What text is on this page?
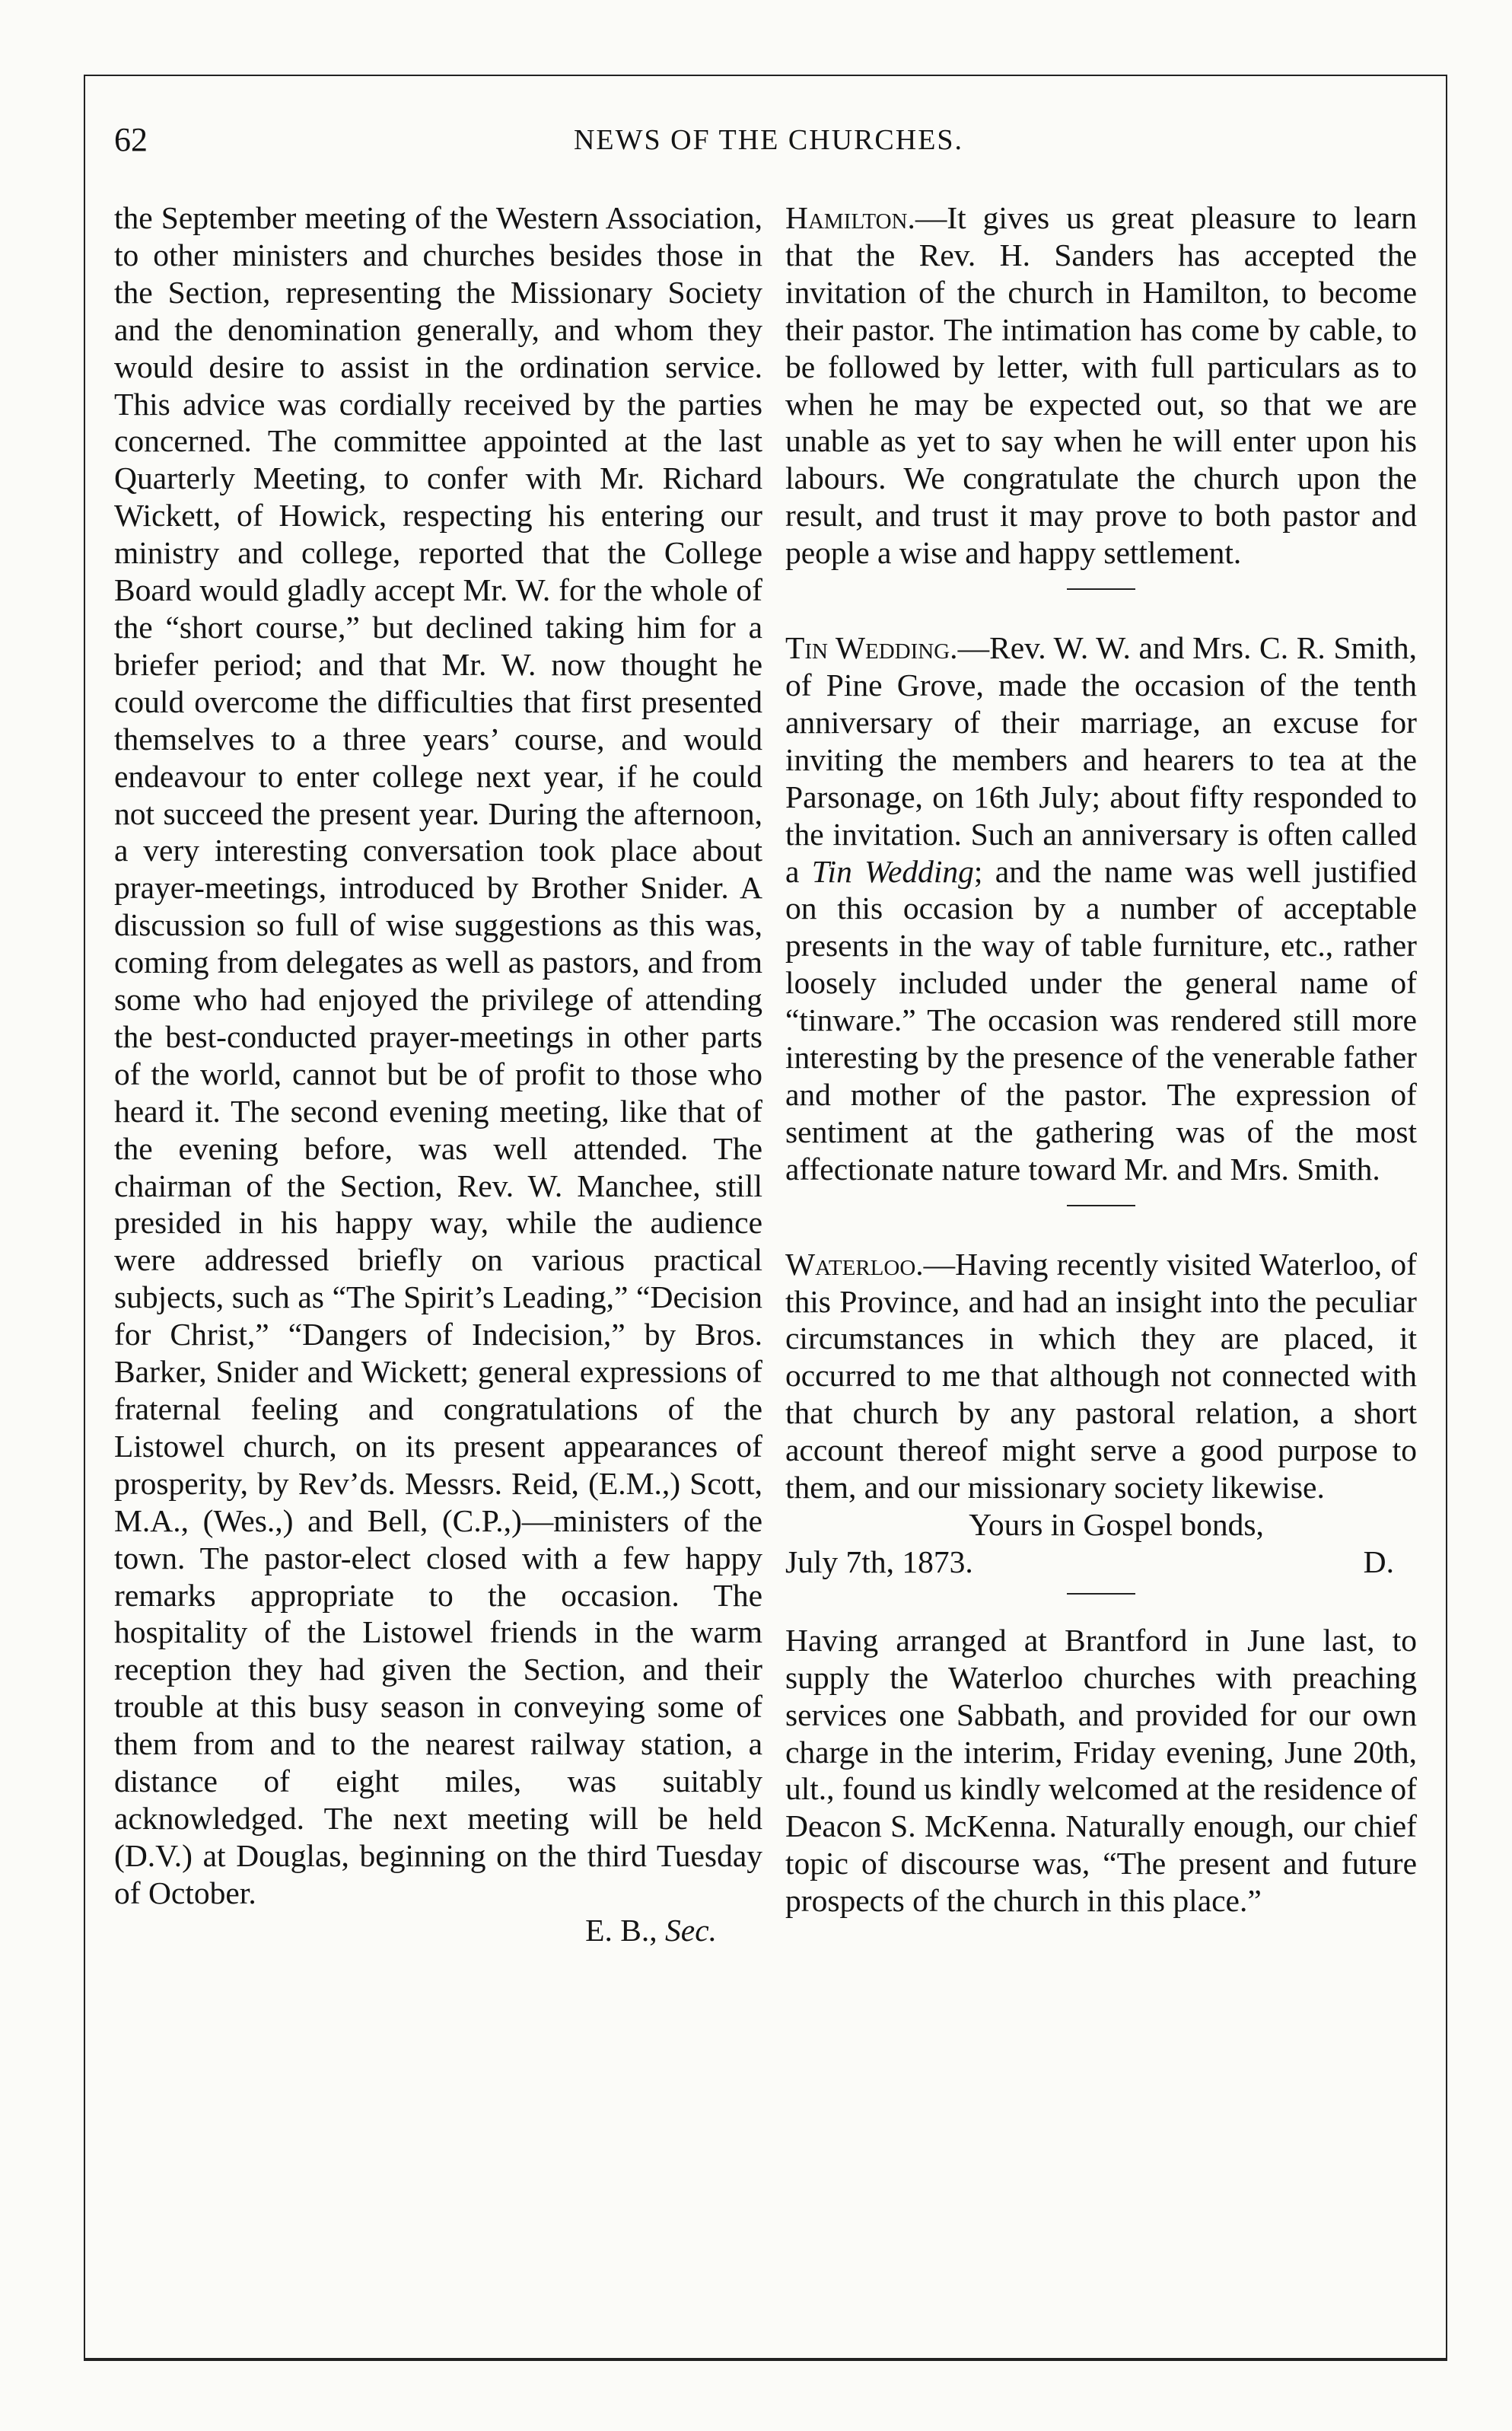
62	NEWS OF THE CHURCHES.

the September meeting of the Western Association, to other ministers and churches besides those in the Section, representing the Missionary Society and the denomination generally, and whom they would desire to assist in the ordination service. This advice was cordially received by the parties concerned. The committee appointed at the last Quarterly Meeting, to confer with Mr. Richard Wickett, of Howick, respecting his entering our ministry and college, reported that the College Board would gladly accept Mr. W. for the whole of the “short course,” but declined taking him for a briefer period; and that Mr. W. now thought he could overcome the difficulties that first presented themselves to a three years’ course, and would endeavour to enter college next year, if he could not succeed the present year. During the afternoon, a very interesting conversation took place about prayer-meetings, introduced by Brother Snider. A discussion so full of wise suggestions as this was, coming from delegates as well as pastors, and from some who had enjoyed the privilege of attending the best-conducted prayer-meetings in other parts of the world, cannot but be of profit to those who heard it. The second evening meeting, like that of the evening before, was well attended. The chairman of the Section, Rev. W. Manchee, still presided in his happy way, while the audience were addressed briefly on various practical subjects, such as “The Spirit’s Leading,” “Decision for Christ,” “Dangers of Indecision,” by Bros. Barker, Snider and Wickett; general expressions of fraternal feeling and congratulations of the Listowel church, on its present appearances of prosperity, by Rev’ds. Messrs. Reid, (E.M.,) Scott, M.A., (Wes.,) and Bell, (C.P.,)—ministers of the town. The pastor-elect closed with a few happy remarks appropriate to the occasion. The hospitality of the Listowel friends in the warm reception they had given the Section, and their trouble at this busy season in conveying some of them from and to the nearest railway station, a distance of eight miles, was suitably acknowledged. The next meeting will be held (D.V.) at Douglas, beginning on the third Tuesday of October.

E. B., Sec.

Hamilton.—It gives us great pleasure to learn that the Rev. H. Sanders has accepted the invitation of the church in Hamilton, to become their pastor. The intimation has come by cable, to be followed by letter, with full particulars as to when he may be expected out, so that we are unable as yet to say when he will enter upon his labours. We congratulate the church upon the result, and trust it may prove to both pastor and people a wise and happy settlement.

Tin Wedding.—Rev. W. W. and Mrs. C. R. Smith, of Pine Grove, made the occasion of the tenth anniversary of their marriage, an excuse for inviting the members and hearers to tea at the Parsonage, on 16th July; about fifty responded to the invitation. Such an anniversary is often called a Tin Wedding; and the name was well justified on this occasion by a number of acceptable presents in the way of table furniture, etc., rather loosely included under the general name of “tinware.” The occasion was rendered still more interesting by the presence of the venerable father and mother of the pastor. The expression of sentiment at the gathering was of the most affectionate nature toward Mr. and Mrs. Smith.

Waterloo.—Having recently visited Waterloo, of this Province, and had an insight into the peculiar circumstances in which they are placed, it occurred to me that although not connected with that church by any pastoral relation, a short account thereof might serve a good purpose to them, and our missionary society likewise.

Yours in Gospel bonds,

July 7th, 1873.	D.

Having arranged at Brantford in June last, to supply the Waterloo churches with preaching services one Sabbath, and provided for our own charge in the interim, Friday evening, June 20th, ult., found us kindly welcomed at the residence of Deacon S. McKenna. Naturally enough, our chief topic of discourse was, “The present and future prospects of the church in this place.”
